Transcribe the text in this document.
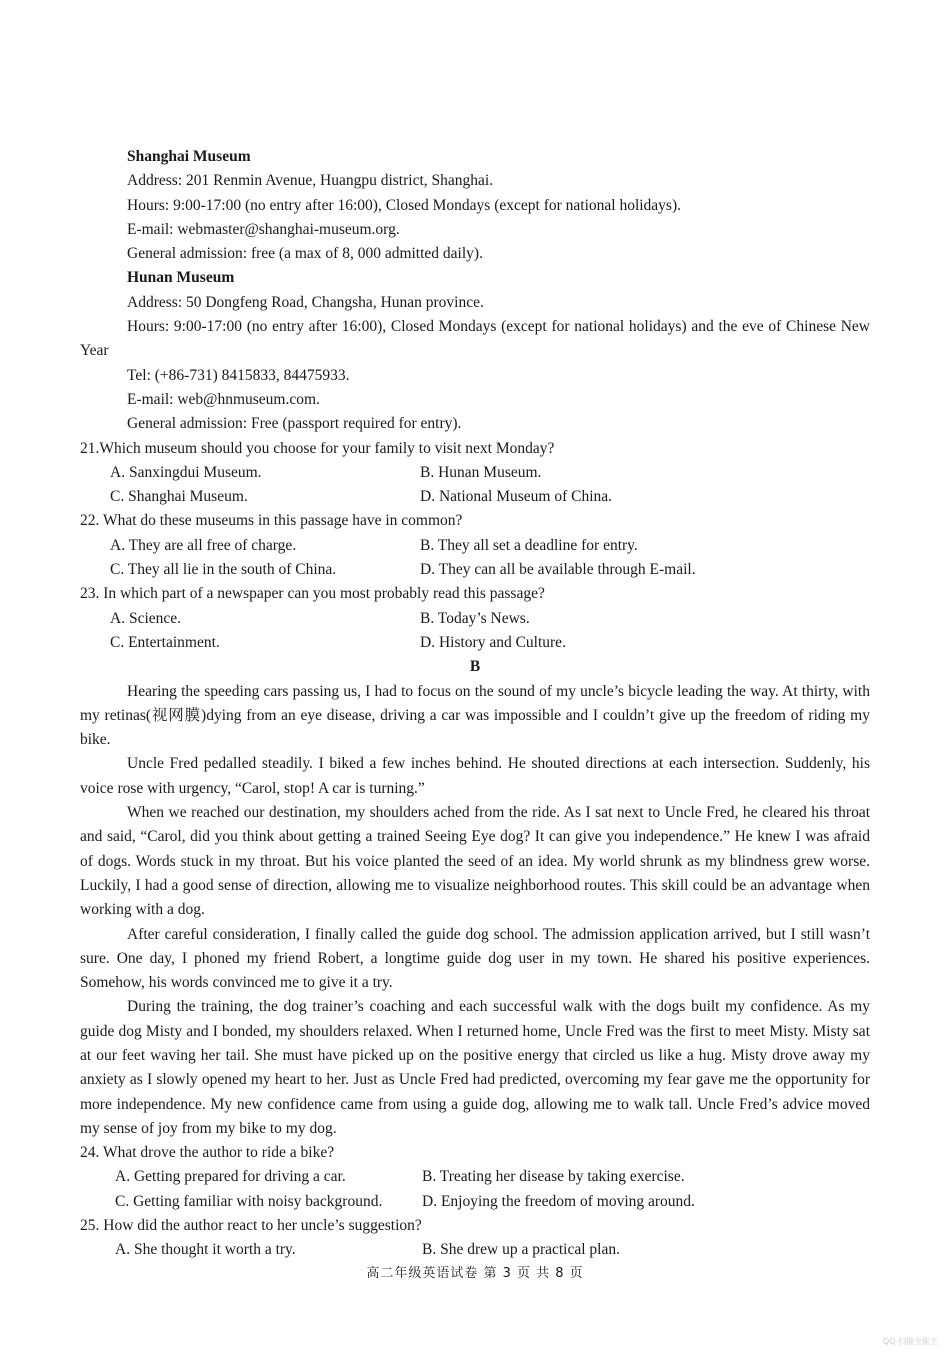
Shanghai Museum
Address: 201 Renmin Avenue, Huangpu district, Shanghai.
Hours: 9:00-17:00 (no entry after 16:00), Closed Mondays (except for national holidays).
E-mail: webmaster@shanghai-museum.org.
General admission: free (a max of 8, 000 admitted daily).
Hunan Museum
Address: 50 Dongfeng Road, Changsha, Hunan province.
Hours: 9:00-17:00 (no entry after 16:00), Closed Mondays (except for national holidays) and the eve of Chinese New Year
Tel: (+86-731) 8415833, 84475933.
E-mail: web@hnmuseum.com.
General admission: Free (passport required for entry).
21.Which museum should you choose for your family to visit next Monday?
A. Sanxingdui Museum.	B. Hunan Museum.
C. Shanghai Museum.	D. National Museum of China.
22. What do these museums in this passage have in common?
A. They are all free of charge.	B. They all set a deadline for entry.
C. They all lie in the south of China.	D. They can all be available through E-mail.
23. In which part of a newspaper can you most probably read this passage?
A. Science.	B. Today’s News.
C. Entertainment.	D. History and Culture.
B

Hearing the speeding cars passing us, I had to focus on the sound of my uncle’s bicycle leading the way. At thirty, with my retinas(视网膜)dying from an eye disease, driving a car was impossible and I couldn’t give up the freedom of riding my bike.

Uncle Fred pedalled steadily. I biked a few inches behind. He shouted directions at each intersection. Suddenly, his voice rose with urgency, “Carol, stop! A car is turning.”

When we reached our destination, my shoulders ached from the ride. As I sat next to Uncle Fred, he cleared his throat and said, “Carol, did you think about getting a trained Seeing Eye dog? It can give you independence.” He knew I was afraid of dogs. Words stuck in my throat. But his voice planted the seed of an idea. My world shrunk as my blindness grew worse. Luckily, I had a good sense of direction, allowing me to visualize neighborhood routes. This skill could be an advantage when working with a dog.

After careful consideration, I finally called the guide dog school. The admission application arrived, but I still wasn’t sure. One day, I phoned my friend Robert, a longtime guide dog user in my town. He shared his positive experiences. Somehow, his words convinced me to give it a try.

During the training, the dog trainer’s coaching and each successful walk with the dogs built my confidence. As my guide dog Misty and I bonded, my shoulders relaxed. When I returned home, Uncle Fred was the first to meet Misty. Misty sat at our feet waving her tail. She must have picked up on the positive energy that circled us like a hug. Misty drove away my anxiety as I slowly opened my heart to her. Just as Uncle Fred had predicted, overcoming my fear gave me the opportunity for more independence. My new confidence came from using a guide dog, allowing me to walk tall. Uncle Fred’s advice moved my sense of joy from my bike to my dog.

24. What drove the author to ride a bike?
A. Getting prepared for driving a car.	B. Treating her disease by taking exercise.
C. Getting familiar with noisy background.	D. Enjoying the freedom of moving around.
25. How did the author react to her uncle’s suggestion?
A. She thought it worth a try.	B. She drew up a practical plan.
高二年级英语试卷 第 3 页 共 8 页
QQ 扫描全能王
